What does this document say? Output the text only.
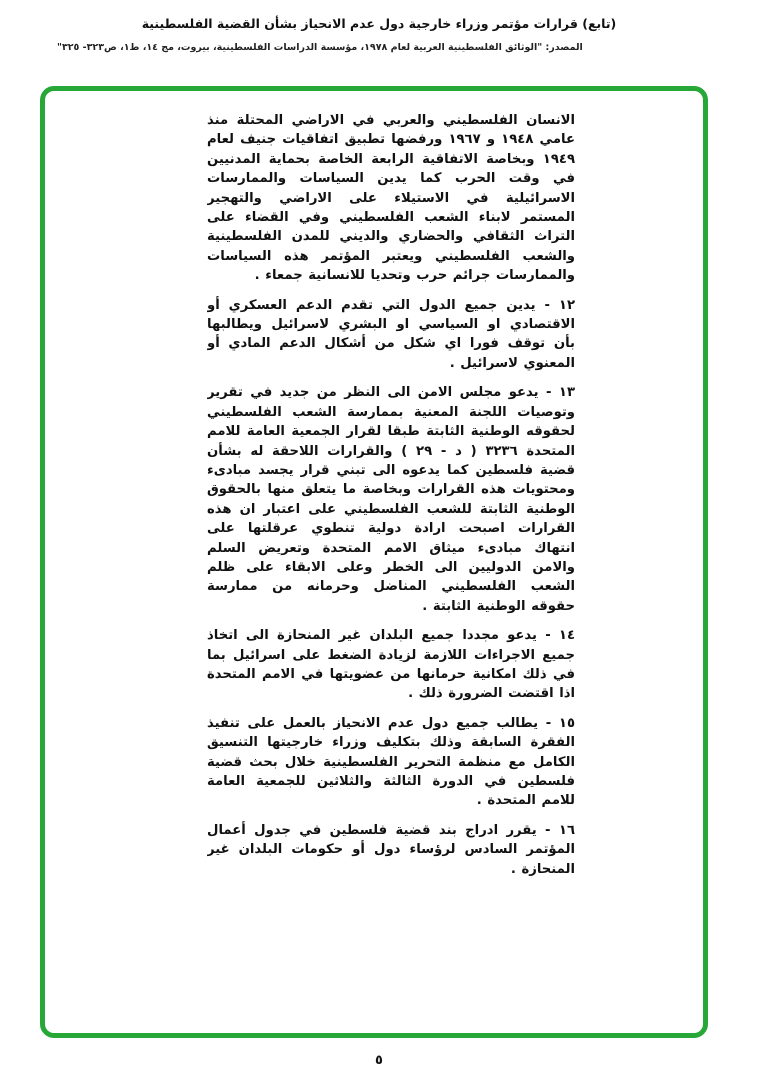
(تابع) قرارات مؤتمر وزراء خارجية دول عدم الانحياز بشأن القضية الفلسطينية
المصدر: "الوثائق الفلسطينية العربية لعام ١٩٧٨، مؤسسة الدراسات الفلسطينية، بيروت، مج ١٤، ط١، ص٣٢٣- ٣٢٥"

الانسان الفلسطيني والعربي في الاراضي المحتلة منذ عامي ١٩٤٨ و ١٩٦٧ ورفضها تطبيق اتفاقيات جنيف لعام ١٩٤٩ وبخاصة الاتفاقية الرابعة الخاصة بحماية المدنيين في وقت الحرب كما يدين السياسات والممارسات الاسرائيلية في الاستيلاء على الاراضي والتهجير المستمر لابناء الشعب الفلسطيني وفي القضاء على التراث الثقافي والحضاري والديني للمدن الفلسطينية والشعب الفلسطيني ويعتبر المؤتمر هذه السياسات والممارسات جرائم حرب وتحديا للانسانية جمعاء .

١٢ - يدين جميع الدول التي تقدم الدعم العسكري أو الاقتصادي او السياسي او البشري لاسرائيل ويطالبها بأن توقف فورا اي شكل من أشكال الدعم المادي أو المعنوي لاسرائيل .

١٣ - يدعو مجلس الامن الى النظر من جديد في تقرير وتوصيات اللجنة المعنية بممارسة الشعب الفلسطيني لحقوقه الوطنية الثابتة طبقا لقرار الجمعية العامة للامم المتحدة ٣٢٣٦ ( د - ٢٩ ) والقرارات اللاحقة له بشأن قضية فلسطين كما يدعوه الى تبني قرار يجسد مبادىء ومحتويات هذه القرارات وبخاصة ما يتعلق منها بالحقوق الوطنية الثابتة للشعب الفلسطيني على اعتبار ان هذه القرارات اصبحت ارادة دولية تنطوي عرقلتها على انتهاك مبادىء ميثاق الامم المتحدة وتعريض السلم والامن الدوليين الى الخطر وعلى الابقاء على ظلم الشعب الفلسطيني المناضل وحرمانه من ممارسة حقوقه الوطنية الثابتة .

١٤ - يدعو مجددا جميع البلدان غير المنحازة الى اتخاذ جميع الاجراءات اللازمة لزيادة الضغط على اسرائيل بما في ذلك امكانية حرمانها من عضويتها في الامم المتحدة اذا اقتضت الضرورة ذلك .

١٥ - يطالب جميع دول عدم الانحياز بالعمل على تنفيذ الفقرة السابقة وذلك بتكليف وزراء خارجيتها التنسيق الكامل مع منظمة التحرير الفلسطينية خلال بحث قضية فلسطين في الدورة الثالثة والثلاثين للجمعية العامة للامم المتحدة .

١٦ - يقرر ادراج بند قضية فلسطين في جدول أعمال المؤتمر السادس لرؤساء دول أو حكومات البلدان غير المنحازة .

٥
